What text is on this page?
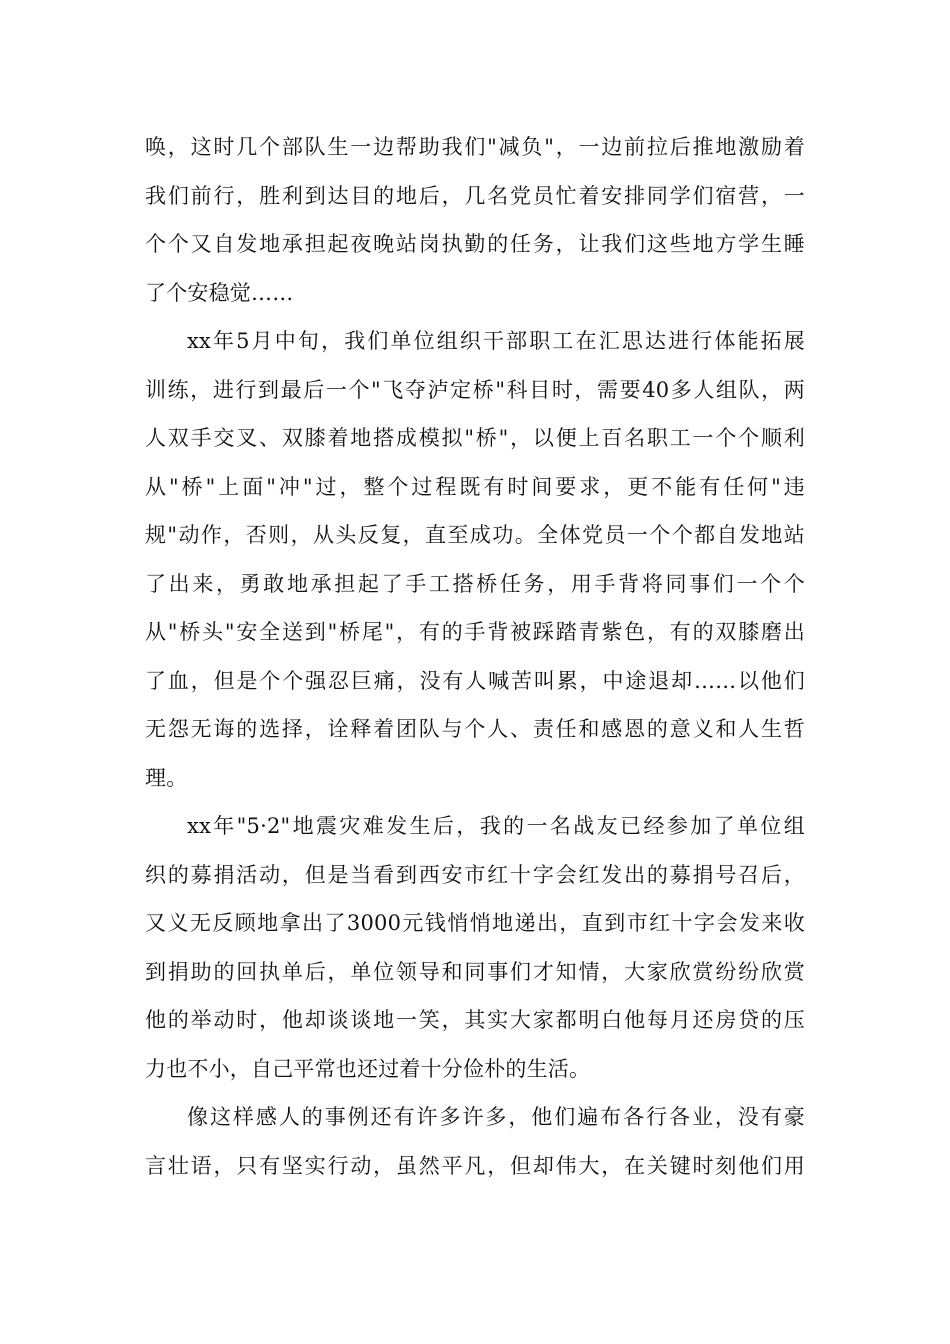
唤，这时几个部队生一边帮助我们"减负"，一边前拉后推地激励着
我们前行，胜利到达目的地后，几名党员忙着安排同学们宿营，一
个个又自发地承担起夜晚站岗执勤的任务，让我们这些地方学生睡
了个安稳觉……
xx年5月中旬，我们单位组织干部职工在汇思达进行体能拓展
训练，进行到最后一个"飞夺泸定桥"科目时，需要40多人组队，两
人双手交叉、双膝着地搭成模拟"桥"，以便上百名职工一个个顺利
从"桥"上面"冲"过，整个过程既有时间要求，更不能有任何"违
规"动作，否则，从头反复，直至成功。全体党员一个个都自发地站
了出来，勇敢地承担起了手工搭桥任务，用手背将同事们一个个
从"桥头"安全送到"桥尾"，有的手背被踩踏青紫色，有的双膝磨出
了血，但是个个强忍巨痛，没有人喊苦叫累，中途退却……以他们
无怨无诲的选择，诠释着团队与个人、责任和感恩的意义和人生哲
理。
xx年"5·2"地震灾难发生后，我的一名战友已经参加了单位组
织的募捐活动，但是当看到西安市红十字会红发出的募捐号召后，
又义无反顾地拿出了3000元钱悄悄地递出，直到市红十字会发来收
到捐助的回执单后，单位领导和同事们才知情，大家欣赏纷纷欣赏
他的举动时，他却谈谈地一笑，其实大家都明白他每月还房贷的压
力也不小，自己平常也还过着十分俭朴的生活。
像这样感人的事例还有许多许多，他们遍布各行各业，没有豪
言壮语，只有坚实行动，虽然平凡，但却伟大，在关键时刻他们用
